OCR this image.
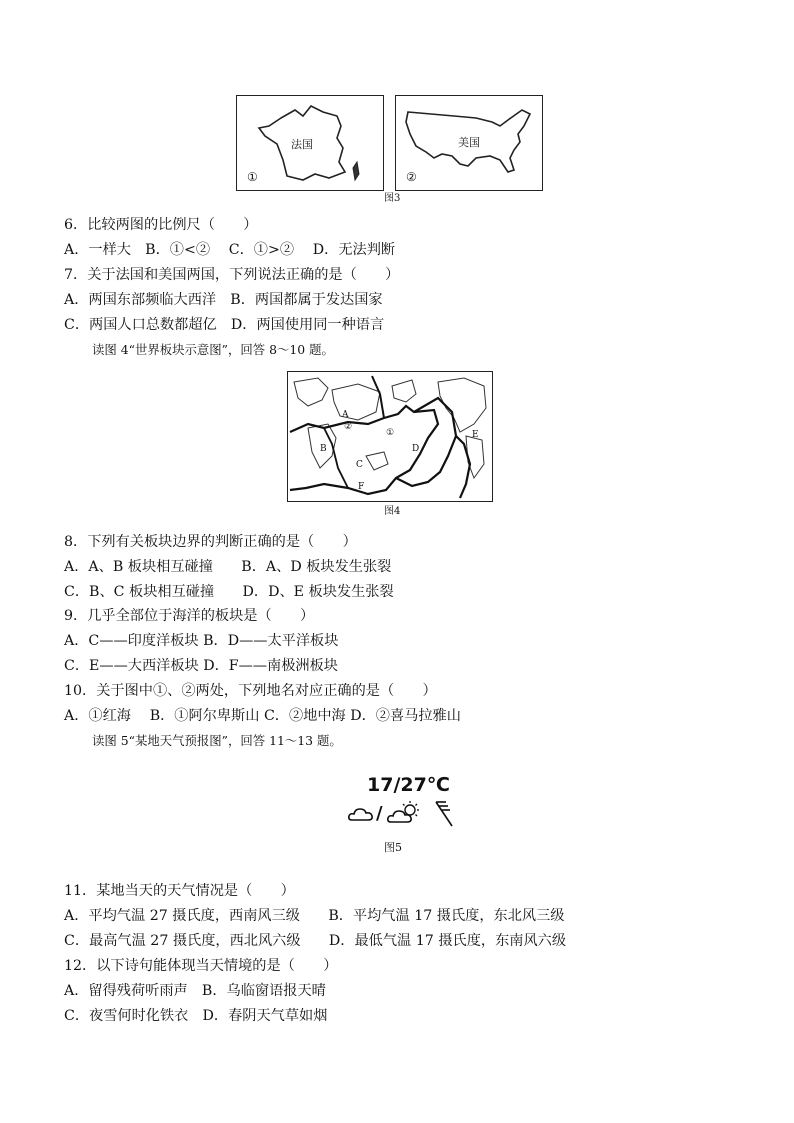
法国
①
美国
②
图3
6．比较两图的比例尺（　　）
A．一样大　B．①<②　 C．①>②　 D．无法判断
7．关于法国和美国两国，下列说法正确的是（　　）
A．两国东部频临大西洋　B．两国都属于发达国家
C．两国人口总数都超亿　D．两国使用同一种语言
读图 4“世界板块示意图”，回答 8～10 题。
A
B
C
D
E
F
①
②
图4
8．下列有关板块边界的判断正确的是（　　）
A．A、B 板块相互碰撞　　B．A、D 板块发生张裂
C．B、C 板块相互碰撞　　D．D、E 板块发生张裂
9．几乎全部位于海洋的板块是（　　）
A．C——印度洋板块 B．D——太平洋板块
C．E——大西洋板块 D．F——南极洲板块
10．关于图中①、②两处，下列地名对应正确的是（　　）
A．①红海　 B．①阿尔卑斯山 C．②地中海 D．②喜马拉雅山
读图 5“某地天气预报图”，回答 11～13 题。
17/27℃
/
图5
11．某地当天的天气情况是（　　）
A．平均气温 27 摄氏度，西南风三级　　B．平均气温 17 摄氏度，东北风三级
C．最高气温 27 摄氏度，西北风六级　　D．最低气温 17 摄氏度，东南风六级
12．以下诗句能体现当天情境的是（　　）
A．留得残荷听雨声　B．乌临窗语报天晴
C．夜雪何时化铁衣　D．春阴天气草如烟
